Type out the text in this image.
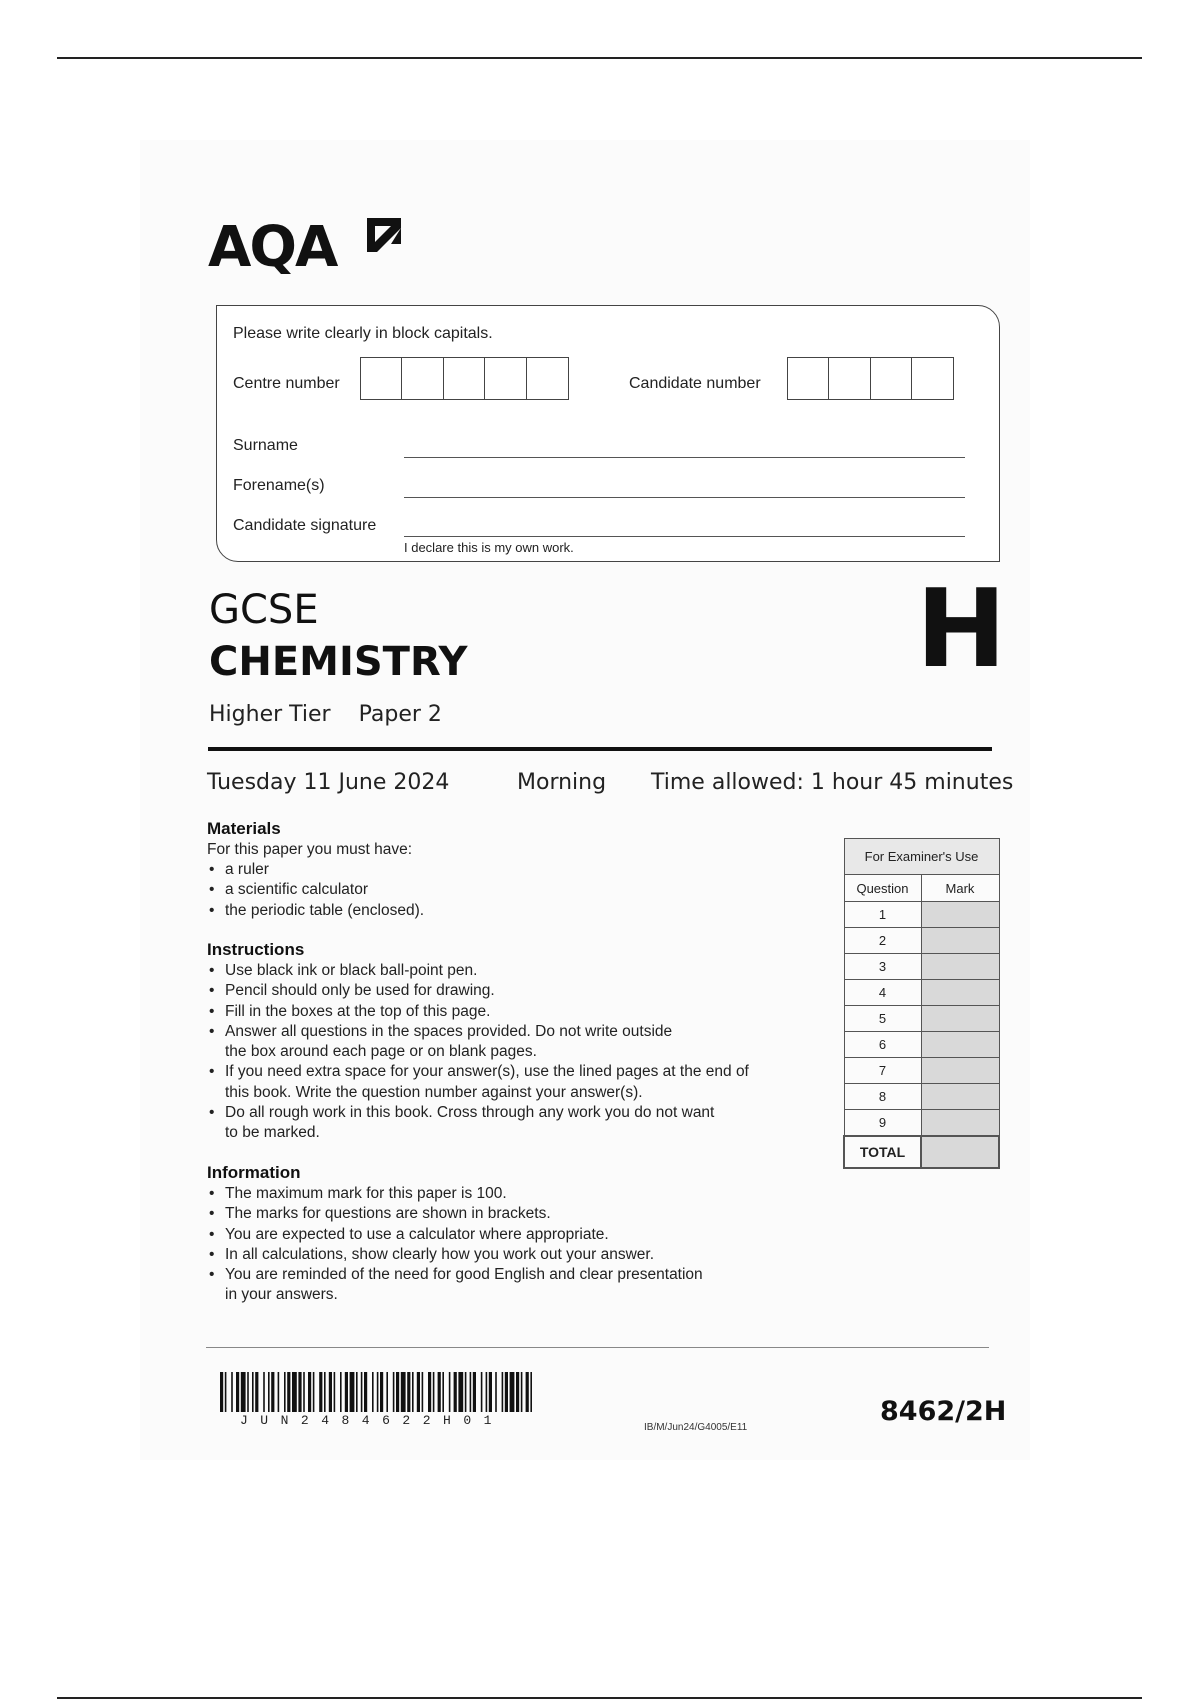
AQA
Please write clearly in block capitals.
Centre number	Candidate number
Surname
Forename(s)
Candidate signature
I declare this is my own work.
GCSE
CHEMISTRY
Higher Tier Paper 2
H
Tuesday 11 June 2024	Morning Time allowed: 1 hour 45 minutes
Materials
For this paper you must have:
• a ruler
• a scientific calculator
• the periodic table (enclosed).
Instructions
• Use black ink or black ball-point pen.
• Pencil should only be used for drawing.
• Fill in the boxes at the top of this page.
• Answer all questions in the spaces provided. Do not write outside
the box around each page or on blank pages.
• If you need extra space for your answer(s), use the lined pages at the end of
this book. Write the question number against your answer(s).
• Do all rough work in this book. Cross through any work you do not want
to be marked.
Information
• The maximum mark for this paper is 100.
• The marks for questions are shown in brackets.
• You are expected to use a calculator where appropriate.
• In all calculations, show clearly how you work out your answer.
• You are reminded of the need for good English and clear presentation
in your answers.
For Examiner's Use	
Question	Mark
1	
2	
3	
4	
5	
6	
7	
8	
9	
TOTAL	
JUN2484622H01	IB/M/Jun24/G4005/E11
8462/2H
